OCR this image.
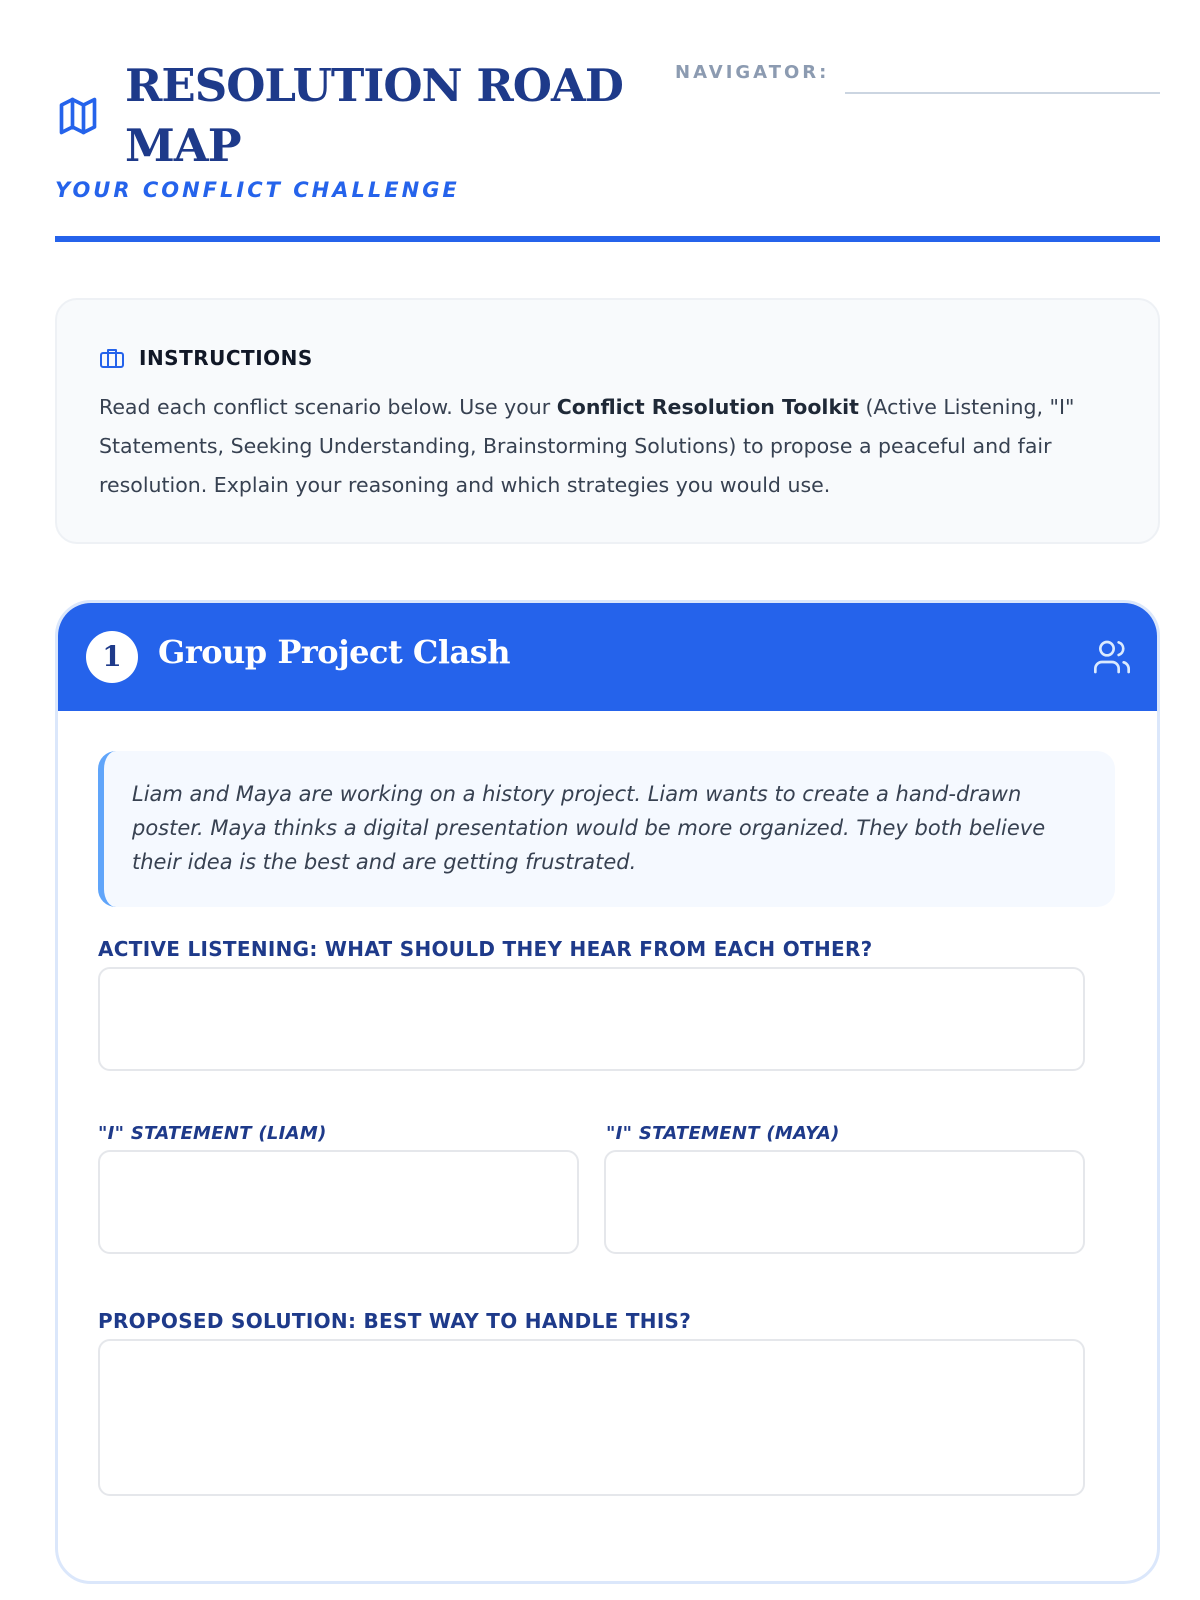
RESOLUTION ROAD MAP
YOUR CONFLICT CHALLENGE
NAVIGATOR:
INSTRUCTIONS

Read each conflict scenario below. Use your Conflict Resolution Toolkit (Active Listening, "I" Statements, Seeking Understanding, Brainstorming Solutions) to propose a peaceful and fair resolution. Explain your reasoning and which strategies you would use.

1	Group Project Clash
Liam and Maya are working on a history project. Liam wants to create a hand-drawn poster. Maya thinks a digital presentation would be more organized. They both believe their idea is the best and are getting frustrated.
ACTIVE LISTENING: WHAT SHOULD THEY HEAR FROM EACH OTHER?
"I" STATEMENT (LIAM)	"I" STATEMENT (MAYA)
PROPOSED SOLUTION: BEST WAY TO HANDLE THIS?
